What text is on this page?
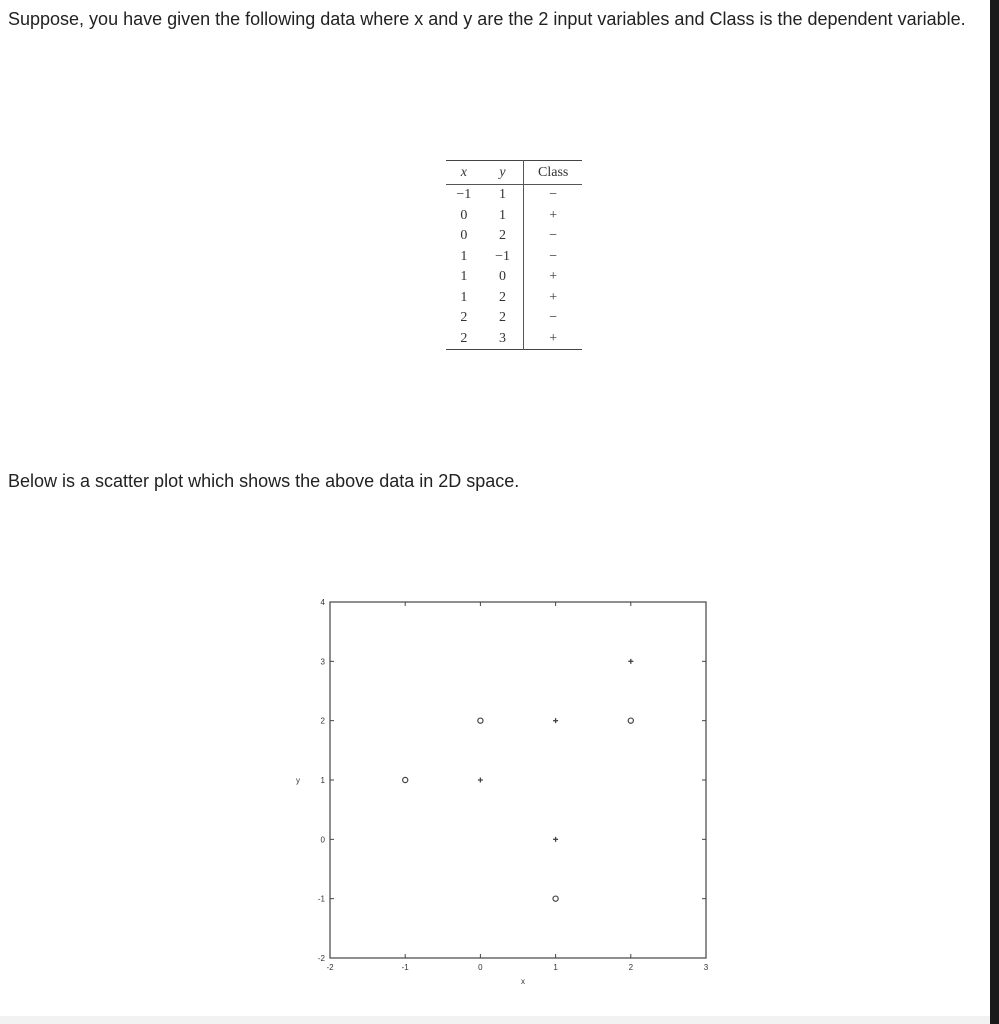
Suppose, you have given the following data where x and y are the 2 input variables and Class is the dependent variable.

x	y	Class
−1	1	−
0	1	+
0	2	−
1	−1	−
1	0	+
1	2	+
2	2	−
2	3	+

Below is a scatter plot which shows the above data in 2D space.

-2	-1	0	1	2	3
-2
-1
0
1
2
3
4
x
y
